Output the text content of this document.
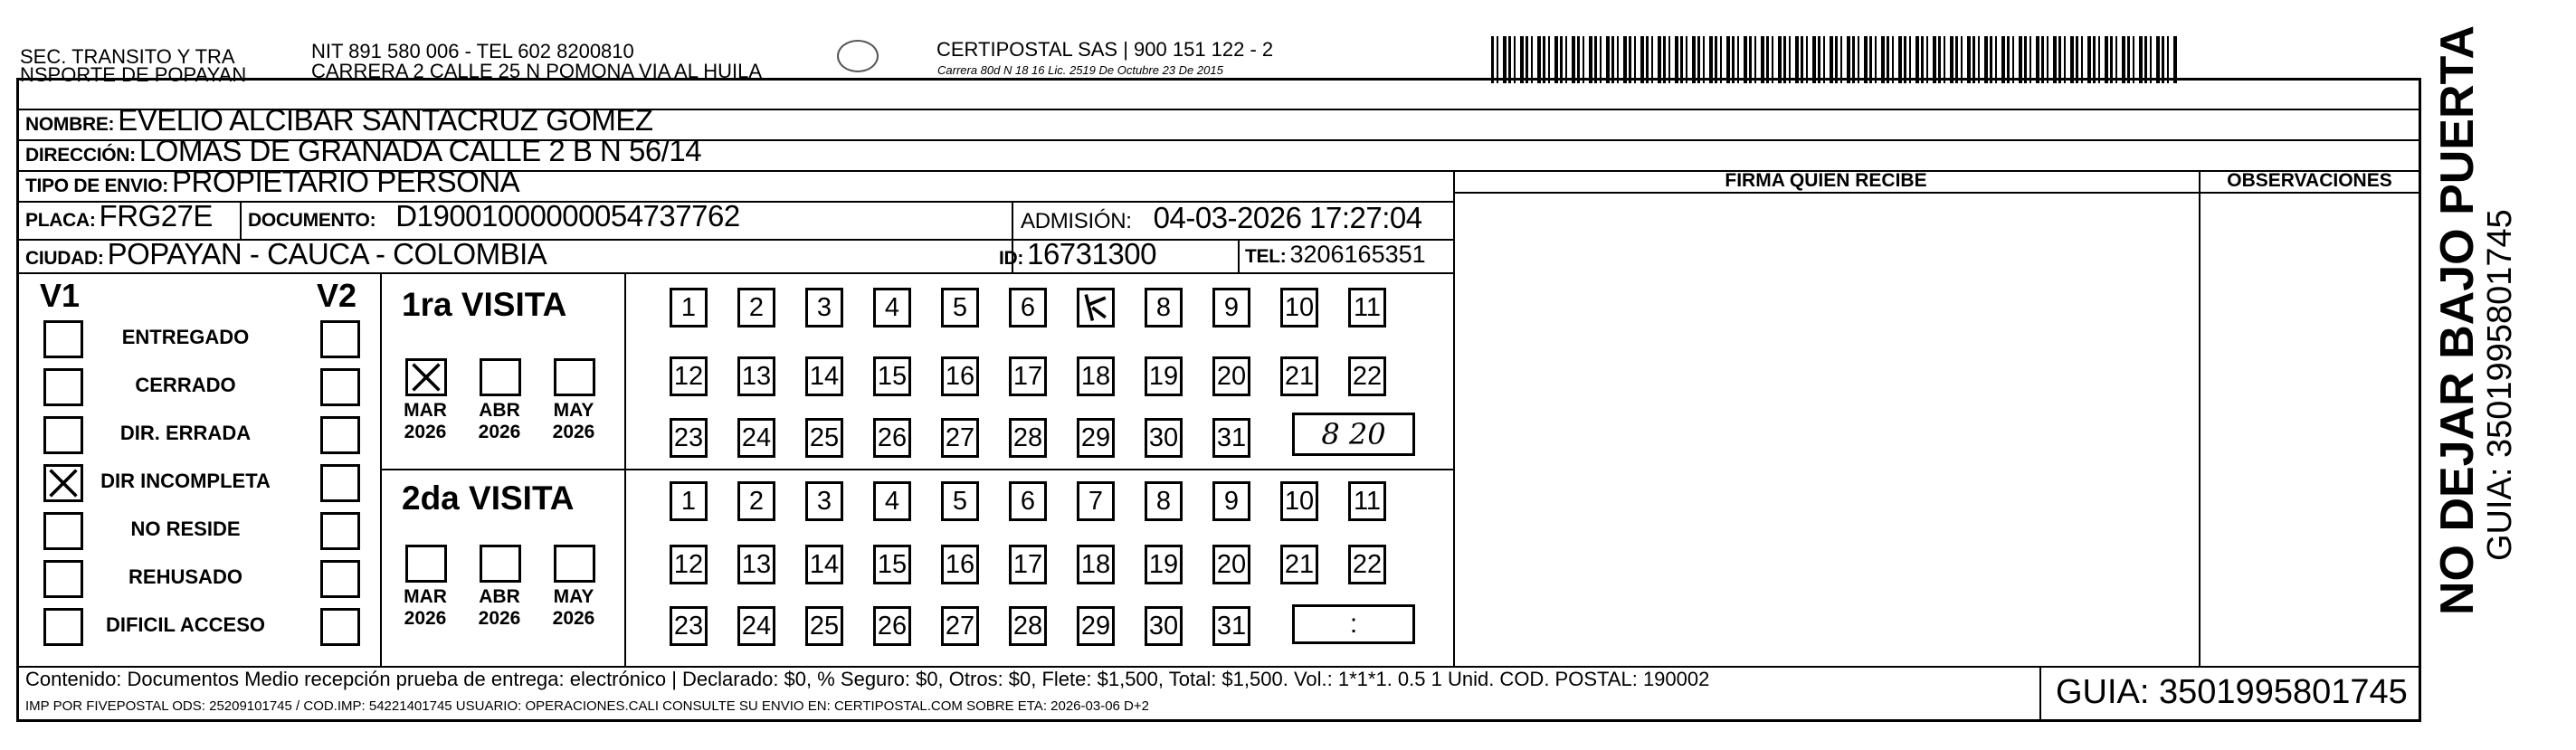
SEC. TRANSITO Y TRA
NSPORTE DE POPAYAN
NIT 891 580 006 - TEL 602 8200810
CARRERA 2 CALLE 25 N POMONA VIA AL HUILA
CERTIPOSTAL SAS | 900 151 122 - 2
Carrera 80d N 18 16 Lic. 2519 De Octubre 23 De 2015
NOMBRE: EVELIO ALCIBAR SANTACRUZ GOMEZ
DIRECCIÓN: LOMAS DE GRANADA CALLE 2 B N 56/14
TIPO DE ENVIO: PROPIETARIO PERSONA	FIRMA QUIEN RECIBE	OBSERVACIONES
PLACA: FRG27E DOCUMENTO: D19001000000054737762	ADMISIÓN: 04-03-2026 17:27:04
CIUDAD: POPAYAN - CAUCA - COLOMBIA	ID: 16731300	TEL: 3206165351
V1	V2
ENTREGADO
CERRADO
DIR. ERRADA
DIR INCOMPLETA
NO RESIDE
REHUSADO
DIFICIL ACCESO
1ra VISITA
MAR
2026
ABR
2026
MAY
2026
1	2	3	4	5	6	8	9	10 11
12 13 14 15 16 17 18 19 20 21 22
23 24 25 26 27 28 29 30 31	8 20
2da VISITA
MAR
2026
ABR
2026
MAY
2026
1	2	3	4	5	6	7	8	9	10 11
12 13 14 15 16 17 18 19 20 21 22
23 24 25 26 27 28 29 30 31	:
Contenido: Documentos Medio recepción prueba de entrega: electrónico | Declarado: $0, % Seguro: $0, Otros: $0, Flete: $1,500, Total: $1,500. Vol.: 1*1*1. 0.5 1 Unid. COD. POSTAL: 190002
IMP POR FIVEPOSTAL ODS: 25209101745 / COD.IMP: 54221401745 USUARIO: OPERACIONES.CALI CONSULTE SU ENVIO EN: CERTIPOSTAL.COM SOBRE ETA: 2026-03-06 D+2	GUIA: 3501995801745
NO DEJAR BAJO PUERTA
GUIA: 3501995801745
